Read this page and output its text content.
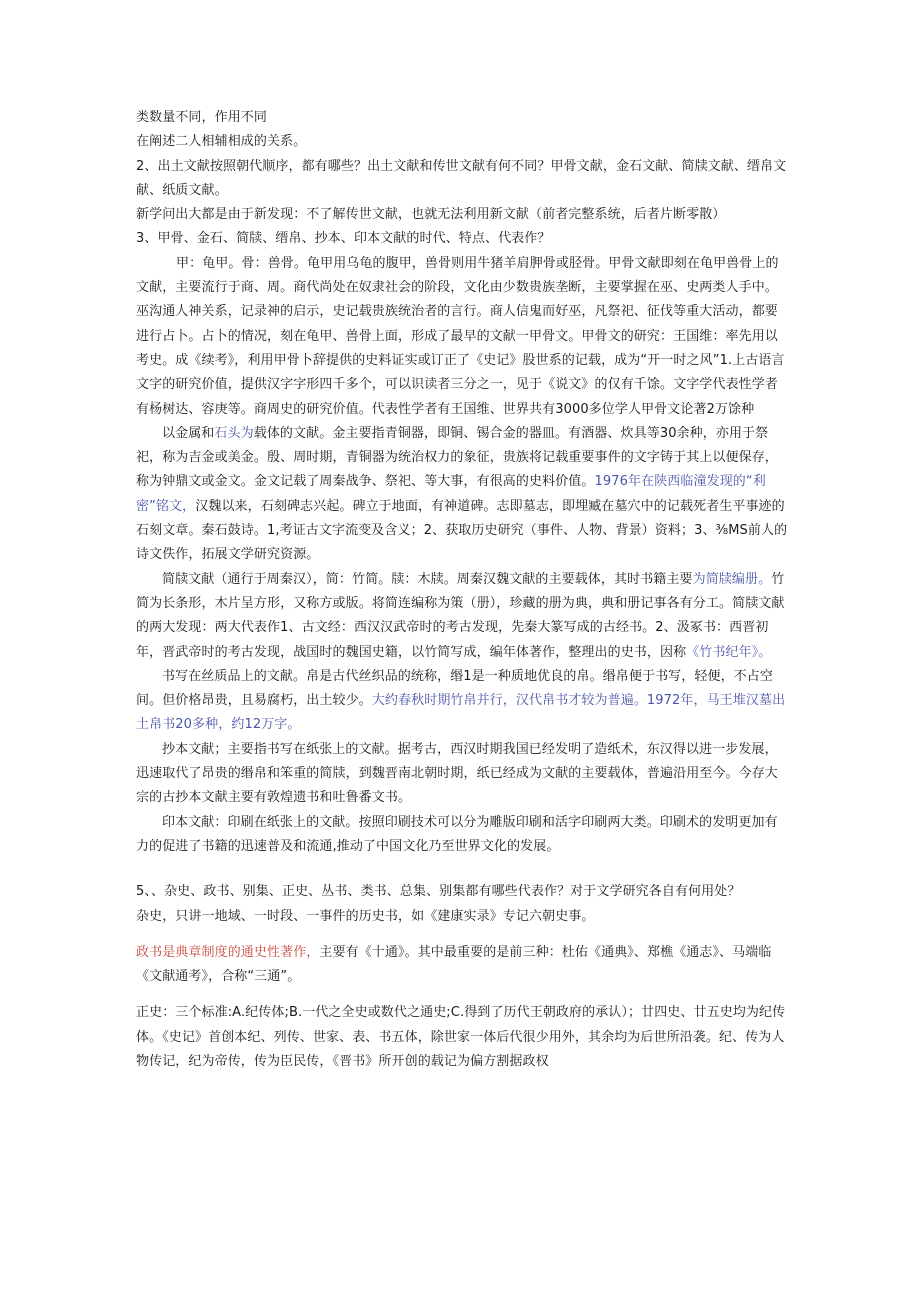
类数量不同，作用不同

在阐述二人相辅相成的关系。

2、出土文献按照朝代顺序，都有哪些？出土文献和传世文献有何不同？甲骨文献，金石文献、简牍文献、缙帛文献、纸质文献。

新学问出大都是由于新发现：不了解传世文献，也就无法利用新文献（前者完整系统，后者片断零散）

3、甲骨、金石、简牍、缙帛、抄本、印本文献的时代、特点、代表作？

甲：龟甲。骨：兽骨。龟甲用乌龟的腹甲，兽骨则用牛猪羊肩胛骨或胫骨。甲骨文献即刻在龟甲兽骨上的文献，主要流行于商、周。商代尚处在奴隶社会的阶段，文化由少数贵族垄断，主要掌握在巫、史两类人手中。巫沟通人神关系，记录神的启示，史记载贵族统治者的言行。商人信鬼而好巫，凡祭祀、征伐等重大活动，都要进行占卜。占卜的情况，刻在龟甲、兽骨上面，形成了最早的文献一甲骨文。甲骨文的研究：王国维：率先用以考史。成《续考》，利用甲骨卜辞提供的史料证实或订正了《史记》股世系的记载，成为“开一时之风”1.上古语言文字的研究价值，提供汉字字形四千多个，可以识读者三分之一，见于《说文》的仅有千馀。文字学代表性学者有杨树达、容庚等。商周史的研究价值。代表性学者有王国维、世界共有3000多位学人甲骨文论著2万馀种

以金属和石头为载体的文献。金主要指青铜器，即铜、锡合金的器皿。有酒器、炊具等30余种，亦用于祭祀，称为吉金或美金。殷、周时期，青铜器为统治权力的象征，贵族将记载重要事件的文字铸于其上以便保存，称为钟鼎文或金文。金文记载了周秦战争、祭祀、等大事，有很高的史料价值。1976年在陕西临潼发现的“利密”铭文，汉魏以来，石刻碑志兴起。碑立于地面，有神道碑。志即墓志，即埋臧在墓穴中的记载死者生平事迹的石刻文章。秦石鼓诗。1,考证古文字流变及含义；2、获取历史研究（事件、人物、背景）资料；3、⅜MS前人的诗文佚作，拓展文学研究资源。

简牍文献（通行于周秦汉），简：竹简。牍：木牍。周秦汉魏文献的主要载体，其时书籍主要为简牍编册。竹简为长条形，木片呈方形，又称方或版。将简连编称为策（册），珍藏的册为典，典和册记事各有分工。简牍文献的两大发现：两大代表作1、古文经：西汉汉武帝时的考古发现，先秦大篆写成的古经书。2、汲冢书：西晋初年，晋武帝时的考古发现，战国时的魏国史籍，以竹简写成，编年体著作，整理出的史书，因称《竹书纪年》。

书写在丝质品上的文献。帛是古代丝织品的统称，缗1是一种质地优良的帛。缗帛便于书写，轻便，不占空间。但价格昂贵，且易腐朽，出土较少。大约春秋时期竹帛并行，汉代帛书才较为普遍。1972年，马王堆汉墓出土帛书20多种，约12万字。

抄本文献；主要指书写在纸张上的文献。据考古，西汉时期我国已经发明了造纸术，东汉得以进一步发展，迅速取代了昂贵的缗帛和笨重的简牍，到魏晋南北朝时期，纸已经成为文献的主要载体，普遍沿用至今。今存大宗的古抄本文献主要有敦煌遗书和吐鲁番文书。

印本文献：印刷在纸张上的文献。按照印刷技术可以分为雕版印刷和活字印刷两大类。印刷术的发明更加有力的促进了书籍的迅速普及和流通,推动了中国文化乃至世界文化的发展。

5、、杂史、政书、别集、正史、丛书、类书、总集、别集都有哪些代表作？对于文学研究各自有何用处？

杂史，只讲一地域、一时段、一事件的历史书，如《建康实录》专记六朝史事。

政书是典章制度的通史性著作，主要有《十通》。其中最重要的是前三种：杜佑《通典》、郑樵《通志》、马端临《文献通考》，合称“三通”。

正史：三个标准:A.纪传体;B.一代之全史或数代之通史;C.得到了历代王朝政府的承认）；廿四史、廿五史均为纪传体。《史记》首创本纪、列传、世家、表、书五体，除世家一体后代很少用外，其余均为后世所沿袭。纪、传为人物传记，纪为帝传，传为臣民传，《晋书》所开创的载记为偏方割据政权
